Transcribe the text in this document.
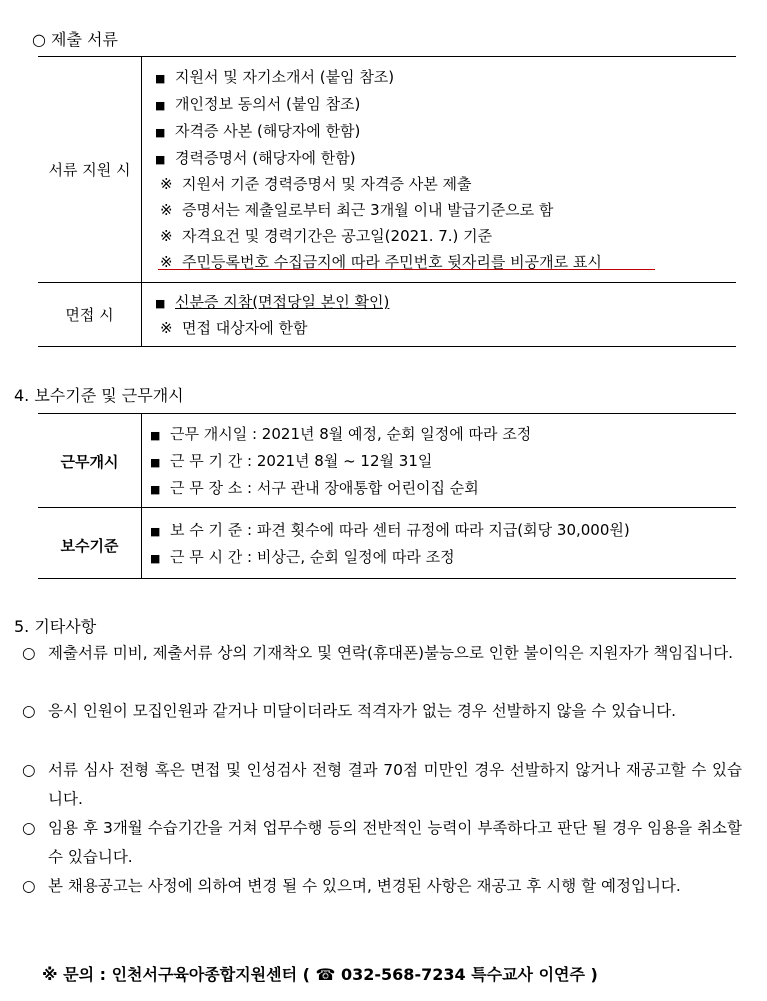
○ 제출 서류
서류 지원 시
면접 시
■ 지원서 및 자기소개서 (붙임 참조)
■ 개인정보 동의서 (붙임 참조)
■ 자격증 사본 (해당자에 한함)
■ 경력증명서 (해당자에 한함)
※ 지원서 기준 경력증명서 및 자격증 사본 제출
※ 증명서는 제출일로부터 최근 3개월 이내 발급기준으로 함
※ 자격요건 및 경력기간은 공고일(2021. 7.) 기준
※ 주민등록번호 수집금지에 따라 주민번호 뒷자리를 비공개로 표시
■ 신분증 지참(면접당일 본인 확인)
※ 면접 대상자에 한함
4. 보수기준 및 근무개시
근무개시
보수기준
■ 근무 개시일 : 2021년 8월 예정, 순회 일정에 따라 조정
■ 근 무 기 간 : 2021년 8월 ~ 12월 31일
■ 근 무 장 소 : 서구 관내 장애통합 어린이집 순회
■ 보 수 기 준 : 파견 횟수에 따라 센터 규정에 따라 지급(회당 30,000원)
■ 근 무 시 간 : 비상근, 순회 일정에 따라 조정
5. 기타사항
○ 제출서류 미비, 제출서류 상의 기재착오 및 연락(휴대폰)불능으로 인한 불이익은 지원자가 책임집니다.
○ 응시 인원이 모집인원과 같거나 미달이더라도 적격자가 없는 경우 선발하지 않을 수 있습니다.
○ 서류 심사 전형 혹은 면접 및 인성검사 전형 결과 70점 미만인 경우 선발하지 않거나 재공고할 수 있습니다.
○ 임용 후 3개월 수습기간을 거쳐 업무수행 등의 전반적인 능력이 부족하다고 판단 될 경우 임용을 취소할 수 있습니다.
○ 본 채용공고는 사정에 의하여 변경 될 수 있으며, 변경된 사항은 재공고 후 시행 할 예정입니다.
※ 문의 : 인천서구육아종합지원센터 ( ☎ 032-568-7234 특수교사 이연주 )
